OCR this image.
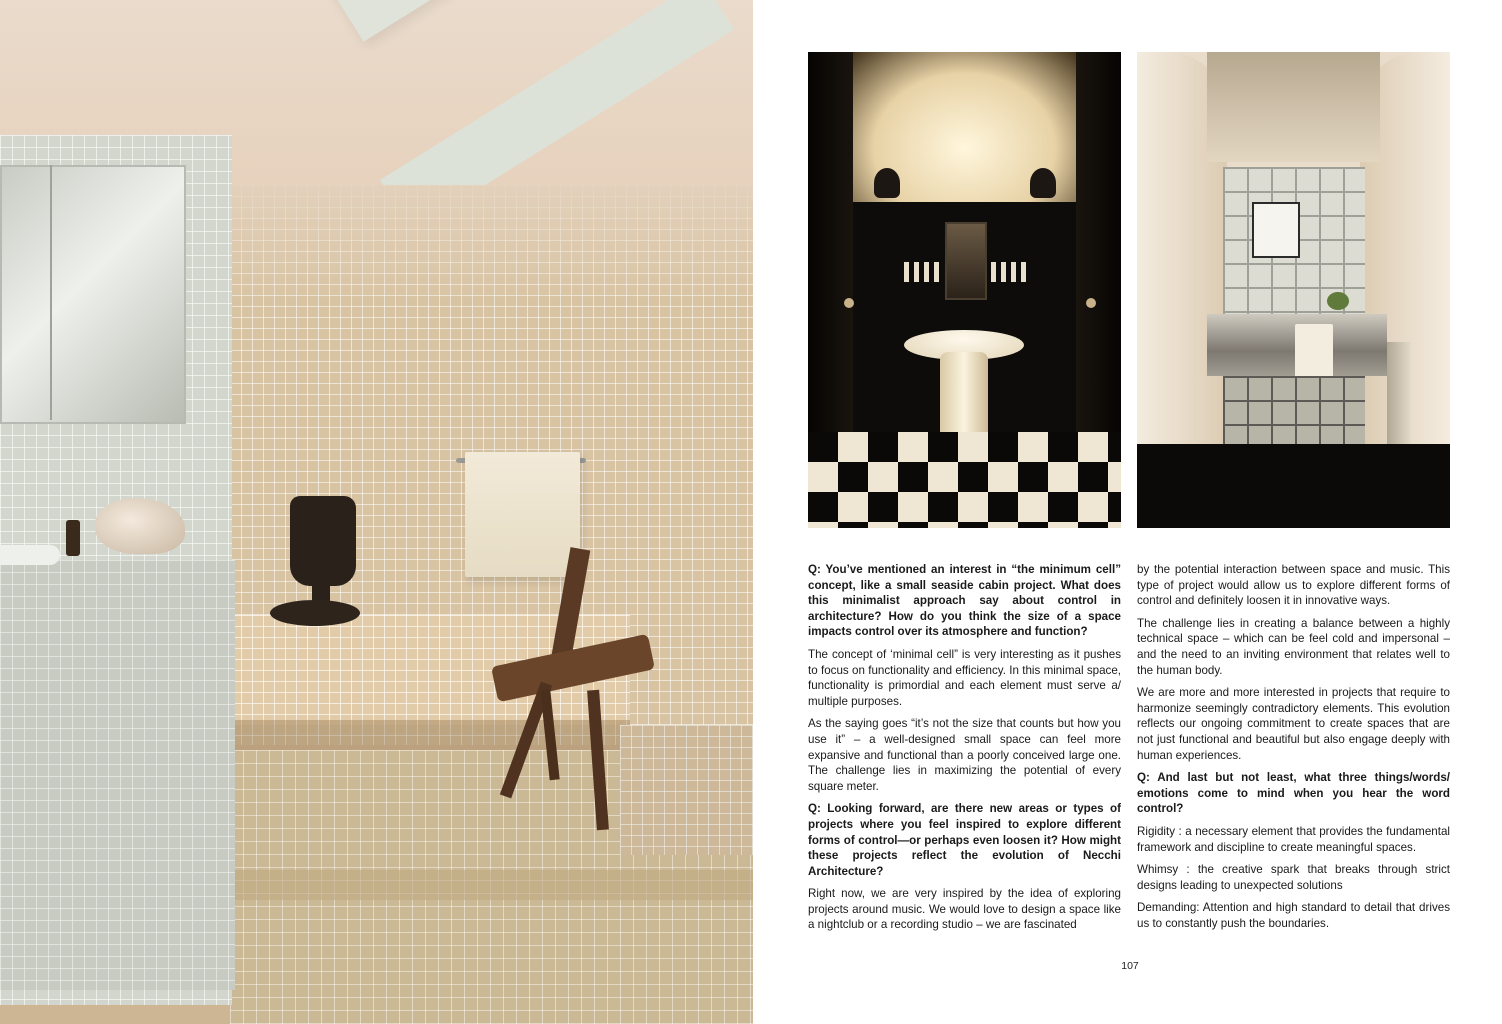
Q: You’ve mentioned an interest in “the minimum cell” concept, like a small seaside cabin project. What does this minimalist approach say about control in architecture? How do you think the size of a space impacts control over its atmosphere and function?

The concept of ‘minimal cell” is very interesting as it pushes to focus on functionality and efficiency. In this minimal space, functionality is primordial and each element must serve a/ multiple purposes.

As the saying goes “it’s not the size that counts but how you use it” – a well-designed small space can feel more expansive and functional than a poorly conceived large one. The challenge lies in maximizing the potential of every square meter.

Q: Looking forward, are there new areas or types of projects where you feel inspired to explore different forms of control—or perhaps even loosen it? How might these projects reflect the evolution of Necchi Architecture?

Right now, we are very inspired by the idea of exploring projects around music. We would love to design a space like a nightclub or a recording studio – we are fascinated

by the potential interaction between space and music. This type of project would allow us to explore different forms of control and definitely loosen it in innovative ways.

The challenge lies in creating a balance between a highly technical space – which can be feel cold and impersonal – and the need to an inviting environment that relates well to the human body.

We are more and more interested in projects that require to harmonize seemingly contradictory elements. This evolution reflects our ongoing commitment to create spaces that are not just functional and beautiful but also engage deeply with human experiences.

Q: And last but not least, what three things/words/ emotions come to mind when you hear the word control?

Rigidity : a necessary element that provides the fundamental framework and discipline to create meaningful spaces.

Whimsy : the creative spark that breaks through strict designs leading to unexpected solutions

Demanding: Attention and high standard to detail that drives us to constantly push the boundaries.

107
